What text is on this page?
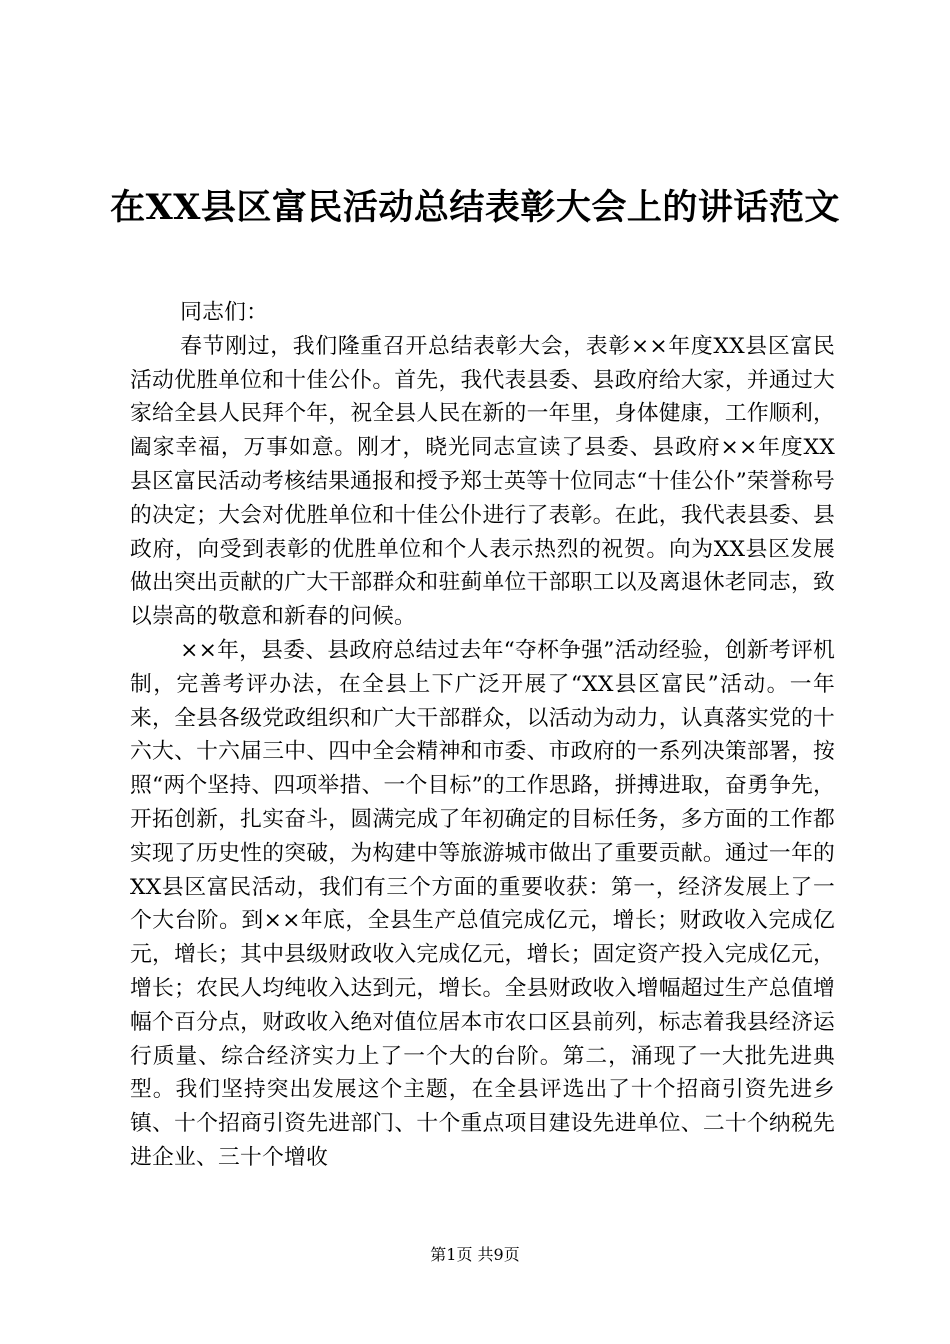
在XX县区富民活动总结表彰大会上的讲话范文

同志们：

春节刚过，我们隆重召开总结表彰大会，表彰××年度XX县区富民活动优胜单位和十佳公仆。首先，我代表县委、县政府给大家，并通过大家给全县人民拜个年，祝全县人民在新的一年里，身体健康，工作顺利，阖家幸福，万事如意。刚才，晓光同志宣读了县委、县政府××年度XX县区富民活动考核结果通报和授予郑士英等十位同志“十佳公仆”荣誉称号的决定；大会对优胜单位和十佳公仆进行了表彰。在此，我代表县委、县政府，向受到表彰的优胜单位和个人表示热烈的祝贺。向为XX县区发展做出突出贡献的广大干部群众和驻蓟单位干部职工以及离退休老同志，致以崇高的敬意和新春的问候。

××年，县委、县政府总结过去年“夺杯争强”活动经验，创新考评机制，完善考评办法，在全县上下广泛开展了“XX县区富民”活动。一年来，全县各级党政组织和广大干部群众，以活动为动力，认真落实党的十六大、十六届三中、四中全会精神和市委、市政府的一系列决策部署，按照“两个坚持、四项举措、一个目标”的工作思路，拼搏进取，奋勇争先，开拓创新，扎实奋斗，圆满完成了年初确定的目标任务，多方面的工作都实现了历史性的突破，为构建中等旅游城市做出了重要贡献。通过一年的XX县区富民活动，我们有三个方面的重要收获：第一，经济发展上了一个大台阶。到××年底，全县生产总值完成亿元，增长；财政收入完成亿元，增长；其中县级财政收入完成亿元，增长；固定资产投入完成亿元，增长；农民人均纯收入达到元，增长。全县财政收入增幅超过生产总值增幅个百分点，财政收入绝对值位居本市农口区县前列，标志着我县经济运行质量、综合经济实力上了一个大的台阶。第二，涌现了一大批先进典型。我们坚持突出发展这个主题，在全县评选出了十个招商引资先进乡镇、十个招商引资先进部门、十个重点项目建设先进单位、二十个纳税先进企业、三十个增收

第1页 共9页
